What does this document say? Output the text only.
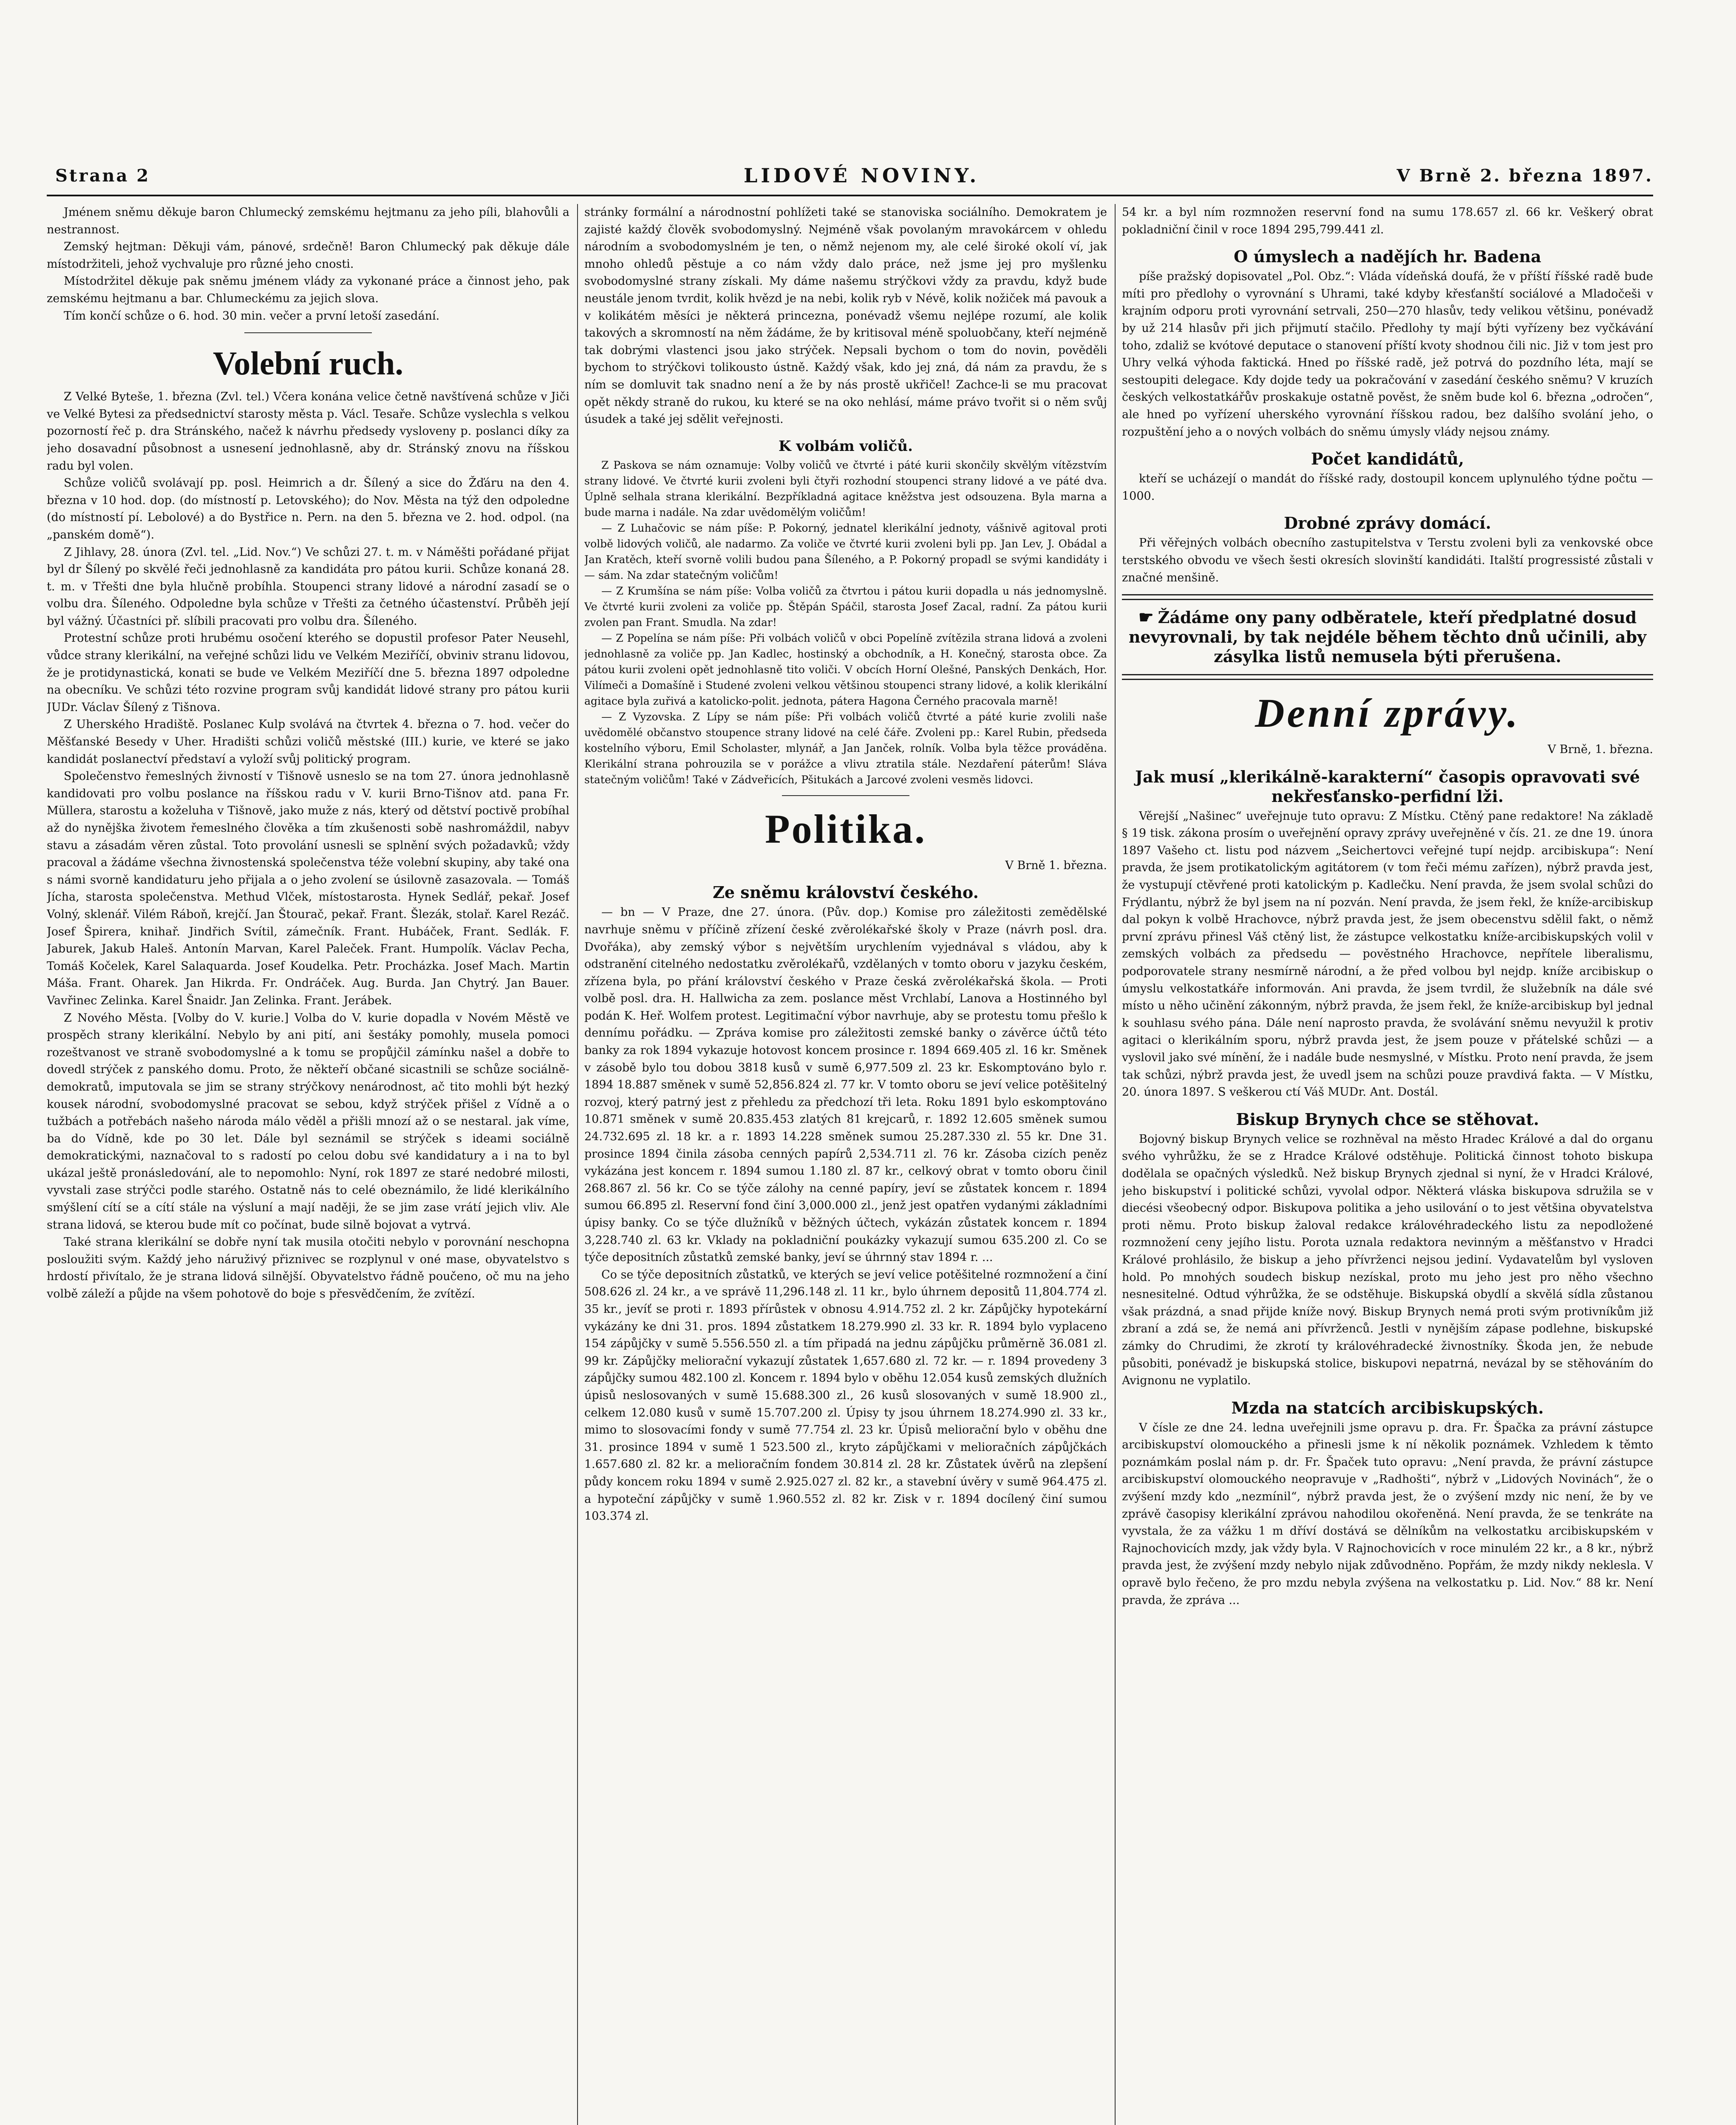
Strana 2	LIDOVÉ NOVINY.	V Brně 2. března 1897.

Jménem sněmu děkuje baron Chlumecký zemskému hejtmanu za jeho píli, blahovůli a nestrannost.

Zemský hejtman: Děkuji vám, pánové, srdečně! Baron Chlumecký pak děkuje dále místodržiteli, jehož vychvaluje pro různé jeho cnosti.

Místodržitel děkuje pak sněmu jménem vlády za vykonané práce a činnost jeho, pak zemskému hejtmanu a bar. Chlumeckému za jejich slova.

Tím končí schůze o 6. hod. 30 min. večer a první letoší zasedání.

Volební ruch.

Z Velké Byteše, 1. března (Zvl. tel.) Včera konána velice četně navštívená schůze v Jiči ve Velké Bytesi za předsednictví starosty města p. Václ. Tesaře. Schůze vyslechla s velkou pozorností řeč p. dra Stránského, načež k návrhu předsedy vysloveny p. poslanci díky za jeho dosavadní působnost a usnesení jednohlasně, aby dr. Stránský znovu na říšskou radu byl volen.

Schůze voličů svolávají pp. posl. Heimrich a dr. Šílený a sice do Žďáru na den 4. března v 10 hod. dop. (do místností p. Letovského); do Nov. Města na týž den odpoledne (do místností pí. Lebolové) a do Bystřice n. Pern. na den 5. března ve 2. hod. odpol. (na „panském domě“).

Z Jihlavy, 28. února (Zvl. tel. „Lid. Nov.“) Ve schůzi 27. t. m. v Náměšti pořádané přijat byl dr Šílený po skvělé řeči jednohlasně za kandidáta pro pátou kurii. Schůze konaná 28. t. m. v Třešti dne byla hlučně probíhla. Stoupenci strany lidové a národní zasadí se o volbu dra. Šíleného. Odpoledne byla schůze v Třešti za četného účastenství. Průběh její byl vážný. Účastníci př. slíbili pracovati pro volbu dra. Šíleného.

Protestní schůze proti hrubému osočení kterého se dopustil profesor Pater Neusehl, vůdce strany klerikální, na veřejné schůzi lidu ve Velkém Meziříčí, obviniv stranu lidovou, že je protidynastická, konati se bude ve Velkém Meziříčí dne 5. března 1897 odpoledne na obecníku. Ve schůzi této rozvine program svůj kandidát lidové strany pro pátou kurii JUDr. Václav Šílený z Tišnova.

Z Uherského Hradiště. Poslanec Kulp svolává na čtvrtek 4. března o 7. hod. večer do Měšťanské Besedy v Uher. Hradišti schůzi voličů městské (III.) kurie, ve které se jako kandidát poslanectví představí a vyloží svůj politický program.

Společenstvo řemeslných živností v Tišnově usneslo se na tom 27. února jednohlasně kandidovati pro volbu poslance na říšskou radu v V. kurii Brno-Tišnov atd. pana Fr. Müllera, starostu a koželuha v Tišnově, jako muže z nás, který od dětství poctivě probíhal až do nynějška životem řemeslného člověka a tím zkušenosti sobě nashromáždil, nabyv stavu a zásadám věren zůstal. Toto provolání usnesli se splnění svých požadavků; vždy pracoval a žádáme všechna živnostenská společenstva téže volební skupiny, aby také ona s námi svorně kandidaturu jeho přijala a o jeho zvolení se úsilovně zasazovala. — Tomáš Jícha, starosta společenstva. Methud Vlček, místostarosta. Hynek Sedlář, pekař. Josef Volný, sklenář. Vilém Ráboň, krejčí. Jan Štourač, pekař. Frant. Šlezák, stolař. Karel Rezáč. Josef Špirera, knihař. Jindřich Svítil, zámečník. Frant. Hubáček, Frant. Sedlák. F. Jaburek, Jakub Haleš. Antonín Marvan, Karel Paleček. Frant. Humpolík. Václav Pecha, Tomáš Kočelek, Karel Salaquarda. Josef Koudelka. Petr. Procházka. Josef Mach. Martin Máša. Frant. Oharek. Jan Hikrda. Fr. Ondráček. Aug. Burda. Jan Chytrý. Jan Bauer. Vavřinec Zelinka. Karel Šnaidr. Jan Zelinka. Frant. Jerábek.

Z Nového Města. [Volby do V. kurie.] Volba do V. kurie dopadla v Novém Městě ve prospěch strany klerikální. Nebylo by ani pití, ani šestáky pomohly, musela pomoci rozeštvanost ve straně svobodomyslné a k tomu se propůjčil zámínku našel a dobře to dovedl strýček z panského domu. Proto, že někteří občané sicastnili se schůze sociálně-demokratů, imputovala se jim se strany strýčkovy nenárodnost, ač tito mohli být hezký kousek národní, svobodomyslné pracovat se sebou, když strýček přišel z Vídně a o tužbách a potřebách našeho národa málo věděl a přišli mnozí až o se nestaral. jak víme, ba do Vídně, kde po 30 let. Dále byl seznámil se strýček s ideami sociálně demokratickými, naznačoval to s radostí po celou dobu své kandidatury a i na to byl ukázal ještě pronásledování, ale to nepomohlo: Nyní, rok 1897 ze staré nedobré milosti, vyvstali zase strýčci podle starého. Ostatně nás to celé obeznámilo, že lidé klerikálního smýšlení cítí se a cítí stále na výsluní a mají naději, že se jim zase vrátí jejich vliv. Ale strana lidová, se kterou bude mít co počínat, bude silně bojovat a vytrvá.

Také strana klerikální se dobře nyní tak musila otočiti nebylo v porovnání neschopna posloužiti svým. Každý jeho náruživý přiznivec se rozplynul v oné mase, obyvatelstvo s hrdostí přivítalo, že je strana lidová silnější. Obyvatelstvo řádně poučeno, oč mu na jeho volbě záleží a půjde na všem pohotově do boje s přesvědčením, že zvítězí.

stránky formální a národnostní pohlížeti také se stanoviska sociálního. Demokratem je zajisté každý člověk svobodomyslný. Nejméně však povolaným mravokárcem v ohledu národním a svobodomyslném je ten, o němž nejenom my, ale celé široké okolí ví, jak mnoho ohledů pěstuje a co nám vždy dalo práce, než jsme jej pro myšlenku svobodomyslné strany získali. My dáme našemu strýčkovi vždy za pravdu, když bude neustále jenom tvrdit, kolik hvězd je na nebi, kolik ryb v Névě, kolik nožiček má pavouk a v kolikátém měsíci je některá princezna, ponévadž všemu nejlépe rozumí, ale kolik takových a skromností na něm žádáme, že by kritisoval méně spoluobčany, kteří nejméně tak dobrými vlastenci jsou jako strýček. Nepsali bychom o tom do novin, pověděli bychom to strýčkovi tolikousto ústně. Každý však, kdo jej zná, dá nám za pravdu, že s ním se domluvit tak snadno není a že by nás prostě ukřičel! Zachce-li se mu pracovat opět někdy straně do rukou, ku které se na oko nehlásí, máme právo tvořit si o něm svůj úsudek a také jej sdělit veřejnosti.

K volbám voličů.

Z Paskova se nám oznamuje: Volby voličů ve čtvrté i páté kurii skončily skvělým vítězstvím strany lidové. Ve čtvrté kurii zvoleni byli čtyři rozhodní stoupenci strany lidové a ve páté dva. Úplně selhala strana klerikální. Bezpříkladná agitace kněžstva jest odsouzena. Byla marna a bude marna i nadále. Na zdar uvědomělým voličům!

— Z Luhačovic se nám píše: P. Pokorný, jednatel klerikální jednoty, vášnivě agitoval proti volbě lidových voličů, ale nadarmo. Za voliče ve čtvrté kurii zvoleni byli pp. Jan Lev, J. Obádal a Jan Kratěch, kteří svorně volili budou pana Šíleného, a P. Pokorný propadl se svými kandidáty i — sám. Na zdar statečným voličům!

— Z Krumšína se nám píše: Volba voličů za čtvrtou i pátou kurii dopadla u nás jednomyslně. Ve čtvrté kurii zvoleni za voliče pp. Štěpán Spáčil, starosta Josef Zacal, radní. Za pátou kurii zvolen pan Frant. Smudla. Na zdar!

— Z Popelína se nám píše: Při volbách voličů v obci Popelíně zvítězila strana lidová a zvoleni jednohlasně za voliče pp. Jan Kadlec, hostinský a obchodník, a H. Konečný, starosta obce. Za pátou kurii zvoleni opět jednohlasně tito voliči. V obcích Horní Olešné, Panských Denkách, Hor. Vilímeči a Domašíně i Studené zvoleni velkou většinou stoupenci strany lidové, a kolik klerikální agitace byla zuřivá a katolicko-polit. jednota, pátera Hagona Černého pracovala marně!

— Z Vyzovska. Z Lípy se nám píše: Při volbách voličů čtvrté a páté kurie zvolili naše uvědomělé občanstvo stoupence strany lidové na celé čáře. Zvoleni pp.: Karel Rubin, předseda kostelního výboru, Emil Scholaster, mlynář, a Jan Janček, rolník. Volba byla těžce prováděna. Klerikální strana pohrouzila se v porážce a vlivu ztratila stále. Nezdaření páterům! Sláva statečným voličům! Také v Zádveřicích, Pšitukách a Jarcové zvoleni vesměs lidovci.

Politika.
V Brně 1. března.
Ze sněmu království českého.

— bn — V Praze, dne 27. února. (Pův. dop.) Komise pro záležitosti zemědělské navrhuje sněmu v příčině zřízení české zvěrolékařské školy v Praze (návrh posl. dra. Dvořáka), aby zemský výbor s největším urychlením vyjednával s vládou, aby k odstranění citelného nedostatku zvěrolékařů, vzdělaných v tomto oboru v jazyku českém, zřízena byla, po přání království českého v Praze česká zvěrolékařská škola. — Proti volbě posl. dra. H. Hallwicha za zem. poslance měst Vrchlabí, Lanova a Hostinného byl podán K. Heř. Wolfem protest. Legitimační výbor navrhuje, aby se protestu tomu přešlo k dennímu pořádku. — Zpráva komise pro záležitosti zemské banky o závěrce účtů této banky za rok 1894 vykazuje hotovost koncem prosince r. 1894 669.405 zl. 16 kr. Směnek v zásobě bylo tou dobou 3818 kusů v sumě 6,977.509 zl. 23 kr. Eskomptováno bylo r. 1894 18.887 směnek v sumě 52,856.824 zl. 77 kr. V tomto oboru se jeví velice potěšitelný rozvoj, který patrný jest z přehledu za předchozí tři leta. Roku 1891 bylo eskomptováno 10.871 směnek v sumě 20.835.453 zlatých 81 krejcarů, r. 1892 12.605 směnek sumou 24.732.695 zl. 18 kr. a r. 1893 14.228 směnek sumou 25.287.330 zl. 55 kr. Dne 31. prosince 1894 činila zásoba cenných papírů 2,534.711 zl. 76 kr. Zásoba cizích peněz vykázána jest koncem r. 1894 sumou 1.180 zl. 87 kr., celkový obrat v tomto oboru činil 268.867 zl. 56 kr. Co se týče zálohy na cenné papíry, jeví se zůstatek koncem r. 1894 sumou 66.895 zl. Reservní fond činí 3,000.000 zl., jenž jest opatřen vydanými základními úpisy banky. Co se týče dlužníků v běžných účtech, vykázán zůstatek koncem r. 1894 3,228.740 zl. 63 kr. Vklady na pokladniční poukázky vykazují sumou 635.200 zl. Co se týče depositních zůstatků zemské banky, jeví se úhrnný stav 1894 r. ...

Co se týče depositních zůstatků, ve kterých se jeví velice potěšitelné rozmnožení a činí 508.626 zl. 24 kr., a ve správě 11,296.148 zl. 11 kr., bylo úhrnem depositů 11,804.774 zl. 35 kr., jevíť se proti r. 1893 přírůstek v obnosu 4.914.752 zl. 2 kr. Zápůjčky hypotekární vykázány ke dni 31. pros. 1894 zůstatkem 18.279.990 zl. 33 kr. R. 1894 bylo vyplaceno 154 zápůjčky v sumě 5.556.550 zl. a tím připadá na jednu zápůjčku průměrně 36.081 zl. 99 kr. Zápůjčky meliorační vykazují zůstatek 1,657.680 zl. 72 kr. — r. 1894 provedeny 3 zápůjčky sumou 482.100 zl. Koncem r. 1894 bylo v oběhu 12.054 kusů zemských dlužních úpisů neslosovaných v sumě 15.688.300 zl., 26 kusů slosovaných v sumě 18.900 zl., celkem 12.080 kusů v sumě 15.707.200 zl. Úpisy ty jsou úhrnem 18.274.990 zl. 33 kr., mimo to slosovacími fondy v sumě 77.754 zl. 23 kr. Úpisů meliorační bylo v oběhu dne 31. prosince 1894 v sumě 1 523.500 zl., kryto zápůjčkami v melioračních zápůjčkách 1.657.680 zl. 82 kr. a melioračním fondem 30.814 zl. 28 kr. Zůstatek úvěrů na zlepšení půdy koncem roku 1894 v sumě 2.925.027 zl. 82 kr., a stavební úvěry v sumě 964.475 zl. a hypoteční zápůjčky v sumě 1.960.552 zl. 82 kr. Zisk v r. 1894 docílený činí sumou 103.374 zl.

54 kr. a byl ním rozmnožen reservní fond na sumu 178.657 zl. 66 kr. Veškerý obrat pokladniční činil v roce 1894 295,799.441 zl.

O úmyslech a nadějích hr. Badena

píše pražský dopisovatel „Pol. Obz.“: Vláda vídeňská doufá, že v příští říšské radě bude míti pro předlohy o vyrovnání s Uhrami, také kdyby křesťanští sociálové a Mladočeši v krajním odporu proti vyrovnání setrvali, 250—270 hlasův, tedy velikou většinu, ponévadž by už 214 hlasův při jich přijmutí stačilo. Předlohy ty mají býti vyřízeny bez vyčkávání toho, zdaliž se kvótové deputace o stanovení příští kvoty shodnou čili nic. Již v tom jest pro Uhry velká výhoda faktická. Hned po říšské radě, jež potrvá do pozdního léta, mají se sestoupiti delegace. Kdy dojde tedy ua pokračování v zasedání českého sněmu? V kruzích českých velkostatkářův proskakuje ostatně pověst, že sněm bude kol 6. března „odročen“, ale hned po vyřízení uherského vyrovnání říšskou radou, bez dalšího svolání jeho, o rozpuštění jeho a o nových volbách do sněmu úmysly vlády nejsou známy.

Počet kandidátů,

kteří se ucházejí o mandát do říšské rady, dostoupil koncem uplynulého týdne počtu — 1000.

Drobné zprávy domácí.

Při věřejných volbách obecního zastupitelstva v Terstu zvoleni byli za venkovské obce terstského obvodu ve všech šesti okresích slovinští kandidáti. Italští progressisté zůstali v značné menšině.

☛ Žádáme ony pany odběratele, kteří předplatné dosud nevyrovnali, by tak nejdéle během těchto dnů učinili, aby zásylka listů nemusela býti přerušena.
Denní zprávy.
V Brně, 1. března.
Jak musí „klerikálně-karakterní“ časopis opravovati své nekřesťansko-perfidní lži.

Věrejší „Našinec“ uveřejnuje tuto opravu: Z Místku. Ctěný pane redaktore! Na základě § 19 tisk. zákona prosím o uveřejnění opravy zprávy uveřejněné v čís. 21. ze dne 19. února 1897 Vašeho ct. listu pod názvem „Seichertovci veřejné tupí nejdp. arcibiskupa“: Není pravda, že jsem protikatolickým agitátorem (v tom řeči mému zařízen), nýbrž pravda jest, že vystupují ctěvřené proti katolickým p. Kadlečku. Není pravda, že jsem svolal schůzi do Frýdlantu, nýbrž že byl jsem na ní pozván. Není pravda, že jsem řekl, že kníže-arcibiskup dal pokyn k volbě Hrachovce, nýbrž pravda jest, že jsem obecenstvu sdělil fakt, o němž první zprávu přinesl Váš ctěný list, že zástupce velkostatku kníže-arcibiskupských volil v zemských volbách za předsedu — pověstného Hrachovce, nepřítele liberalismu, podporovatele strany nesmírně národní, a že před volbou byl nejdp. kníže arcibiskup o úmyslu velkostatkáře informován. Ani pravda, že jsem tvrdil, že služebník na dále své místo u něho učinění zákonným, nýbrž pravda, že jsem řekl, že kníže-arcibiskup byl jednal k souhlasu svého pána. Dále není naprosto pravda, že svolávání sněmu nevyužil k protiv agitaci o klerikálním sporu, nýbrž pravda jest, že jsem pouze v přátelské schůzi — a vyslovil jako své mínění, že i nadále bude nesmyslné, v Místku. Proto není pravda, že jsem tak schůzi, nýbrž pravda jest, že uvedl jsem na schůzi pouze pravdivá fakta. — V Místku, 20. února 1897. S veškerou ctí Váš MUDr. Ant. Dostál.

Biskup Brynych chce se stěhovat.

Bojovný biskup Brynych velice se rozhněval na město Hradec Králové a dal do organu svého vyhrůžku, že se z Hradce Králové odstěhuje. Politická činnost tohoto biskupa dodělala se opačných výsledků. Než biskup Brynych zjednal si nyní, že v Hradci Králové, jeho biskupství i politické schůzi, vyvolal odpor. Některá vláska biskupova sdružila se v diecési všeobecný odpor. Biskupova politika a jeho usilování o to jest většina obyvatelstva proti němu. Proto biskup žaloval redakce královéhradeckého listu za nepodložené rozmnožení ceny jejího listu. Porota uznala redaktora nevinným a měšťanstvo v Hradci Králové prohlásilo, že biskup a jeho přívrženci nejsou jediní. Vydavatelům byl vysloven hold. Po mnohých soudech biskup nezískal, proto mu jeho jest pro něho všechno nesnesitelné. Odtud výhrůžka, že se odstěhuje. Biskupská obydlí a skvělá sídla zůstanou však prázdná, a snad přijde kníže nový. Biskup Brynych nemá proti svým protivníkům již zbraní a zdá se, že nemá ani přívrženců. Jestli v nynějším zápase podlehne, biskupské zámky do Chrudimi, že zkrotí ty královéhradecké živnostníky. Škoda jen, že nebude působiti, ponévadž je biskupská stolice, biskupovi nepatrná, nevázal by se stěhováním do Avignonu ne vyplatilo.

Mzda na statcích arcibiskupských.

V čísle ze dne 24. ledna uveřejnili jsme opravu p. dra. Fr. Špačka za právní zástupce arcibiskupství olomouckého a přinesli jsme k ní několik poznámek. Vzhledem k těmto poznámkám poslal nám p. dr. Fr. Špaček tuto opravu: „Není pravda, že právní zástupce arcibiskupství olomouckého neopravuje v „Radhošti“, nýbrž v „Lidových Novinách“, že o zvýšení mzdy kdo „nezmínil“, nýbrž pravda jest, že o zvýšení mzdy nic není, že by ve zprávě časopisy klerikální zprávou nahodilou okořeněná. Není pravda, že se tenkráte na vyvstala, že za vážku 1 m dříví dostává se dělníkům na velkostatku arcibiskupském v Rajnochovicích mzdy, jak vždy byla. V Rajnochovicích v roce minulém 22 kr., a 8 kr., nýbrž pravda jest, že zvýšení mzdy nebylo nijak zdůvodněno. Popřám, že mzdy nikdy neklesla. V opravě bylo řečeno, že pro mzdu nebyla zvýšena na velkostatku p. Lid. Nov.“ 88 kr. Není pravda, že zpráva ...
